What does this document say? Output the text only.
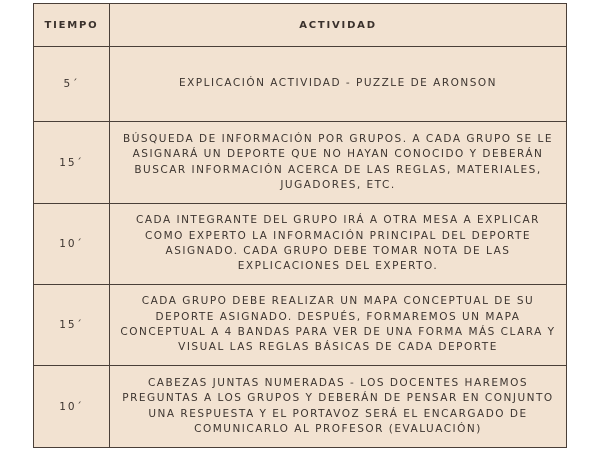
TIEMPO	ACTIVIDAD
5´	EXPLICACIÓN ACTIVIDAD - PUZZLE DE ARONSON
15´	BÚSQUEDA DE INFORMACIÓN POR GRUPOS. A CADA GRUPO SE LE ASIGNARÁ UN DEPORTE QUE NO HAYAN CONOCIDO Y DEBERÁN BUSCAR INFORMACIÓN ACERCA DE LAS REGLAS, MATERIALES, JUGADORES, ETC.
10´	CADA INTEGRANTE DEL GRUPO IRÁ A OTRA MESA A EXPLICAR COMO EXPERTO LA INFORMACIÓN PRINCIPAL DEL DEPORTE ASIGNADO. CADA GRUPO DEBE TOMAR NOTA DE LAS EXPLICACIONES DEL EXPERTO.
15´	CADA GRUPO DEBE REALIZAR UN MAPA CONCEPTUAL DE SU DEPORTE ASIGNADO. DESPUÉS, FORMAREMOS UN MAPA CONCEPTUAL A 4 BANDAS PARA VER DE UNA FORMA MÁS CLARA Y VISUAL LAS REGLAS BÁSICAS DE CADA DEPORTE
10´	CABEZAS JUNTAS NUMERADAS - LOS DOCENTES HAREMOS PREGUNTAS A LOS GRUPOS Y DEBERÁN DE PENSAR EN CONJUNTO UNA RESPUESTA Y EL PORTAVOZ SERÁ EL ENCARGADO DE COMUNICARLO AL PROFESOR (EVALUACIÓN)
